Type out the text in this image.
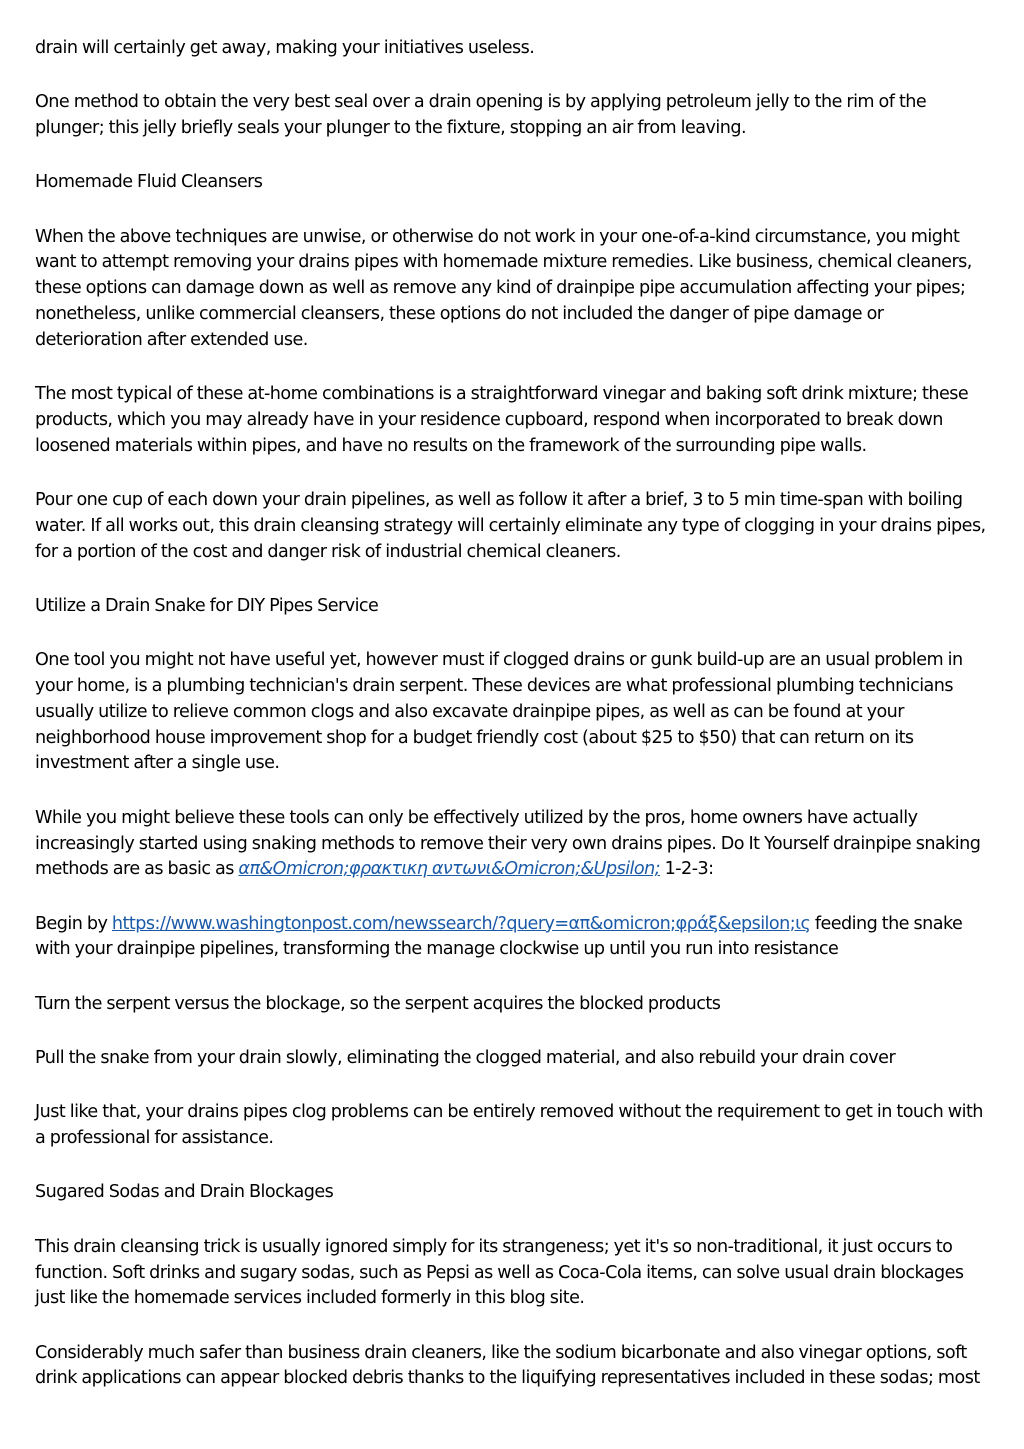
drain will certainly get away, making your initiatives useless.

One method to obtain the very best seal over a drain opening is by applying petroleum jelly to the rim of the plunger; this jelly briefly seals your plunger to the fixture, stopping an air from leaving.

Homemade Fluid Cleansers

When the above techniques are unwise, or otherwise do not work in your one-of-a-kind circumstance, you might want to attempt removing your drains pipes with homemade mixture remedies. Like business, chemical cleaners, these options can damage down as well as remove any kind of drainpipe pipe accumulation affecting your pipes; nonetheless, unlike commercial cleansers, these options do not included the danger of pipe damage or deterioration after extended use.

The most typical of these at-home combinations is a straightforward vinegar and baking soft drink mixture; these products, which you may already have in your residence cupboard, respond when incorporated to break down loosened materials within pipes, and have no results on the framework of the surrounding pipe walls.

Pour one cup of each down your drain pipelines, as well as follow it after a brief, 3 to 5 min time-span with boiling water. If all works out, this drain cleansing strategy will certainly eliminate any type of clogging in your drains pipes, for a portion of the cost and danger risk of industrial chemical cleaners.

Utilize a Drain Snake for DIY Pipes Service

One tool you might not have useful yet, however must if clogged drains or gunk build-up are an usual problem in your home, is a plumbing technician's drain serpent. These devices are what professional plumbing technicians usually utilize to relieve common clogs and also excavate drainpipe pipes, as well as can be found at your neighborhood house improvement shop for a budget friendly cost (about $25 to $50) that can return on its investment after a single use.

While you might believe these tools can only be effectively utilized by the pros, home owners have actually increasingly started using snaking methods to remove their very own drains pipes. Do It Yourself drainpipe snaking methods are as basic as απ&Omicron;φρακτικη αντωνι&Omicron;&Upsilon; 1-2-3:

Begin by https://www.washingtonpost.com/newssearch/?query=απ&omicron;φράξ&epsilon;ις feeding the snake with your drainpipe pipelines, transforming the manage clockwise up until you run into resistance

Turn the serpent versus the blockage, so the serpent acquires the blocked products

Pull the snake from your drain slowly, eliminating the clogged material, and also rebuild your drain cover

Just like that, your drains pipes clog problems can be entirely removed without the requirement to get in touch with a professional for assistance.

Sugared Sodas and Drain Blockages

This drain cleansing trick is usually ignored simply for its strangeness; yet it's so non-traditional, it just occurs to function. Soft drinks and sugary sodas, such as Pepsi as well as Coca-Cola items, can solve usual drain blockages just like the homemade services included formerly in this blog site.

Considerably much safer than business drain cleaners, like the sodium bicarbonate and also vinegar options, soft drink applications can appear blocked debris thanks to the liquifying representatives included in these sodas; most
